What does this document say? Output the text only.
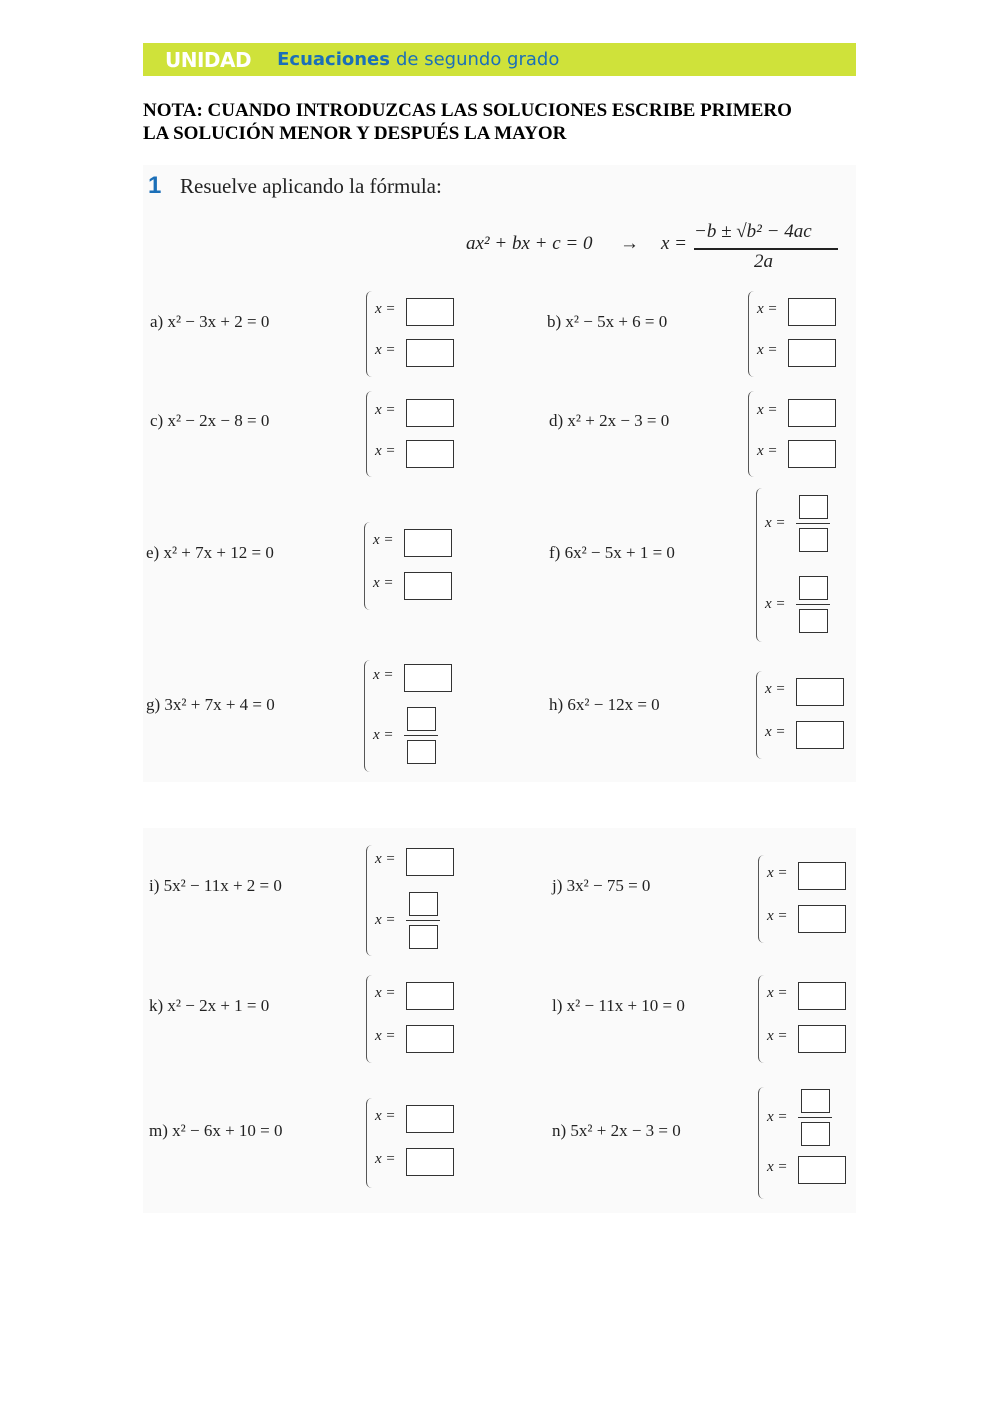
UNIDAD Ecuaciones de segundo grado
NOTA: CUANDO INTRODUZCAS LAS SOLUCIONES ESCRIBE PRIMERO
LA SOLUCIÓN MENOR Y DESPUÉS LA MAYOR
1 Resuelve aplicando la fórmula:
ax² + bx + c = 0 → x =
−b ± √b² − 4ac
2a
a) x² − 3x + 2 = 0
x =
x =
b) x² − 5x + 6 = 0
x =
x =
c) x² − 2x − 8 = 0
x =
x =
d) x² + 2x − 3 = 0
x =
x =
e) x² + 7x + 12 = 0
x =
x =
f) 6x² − 5x + 1 = 0
x =
x =
g) 3x² + 7x + 4 = 0
x =
x =
h) 6x² − 12x = 0
x =
x =
i) 5x² − 11x + 2 = 0
x =
x =
j) 3x² − 75 = 0
x =
x =
k) x² − 2x + 1 = 0
x =
x =
l) x² − 11x + 10 = 0
x =
x =
m) x² − 6x + 10 = 0
x =
x =
n) 5x² + 2x − 3 = 0
x =
x =
